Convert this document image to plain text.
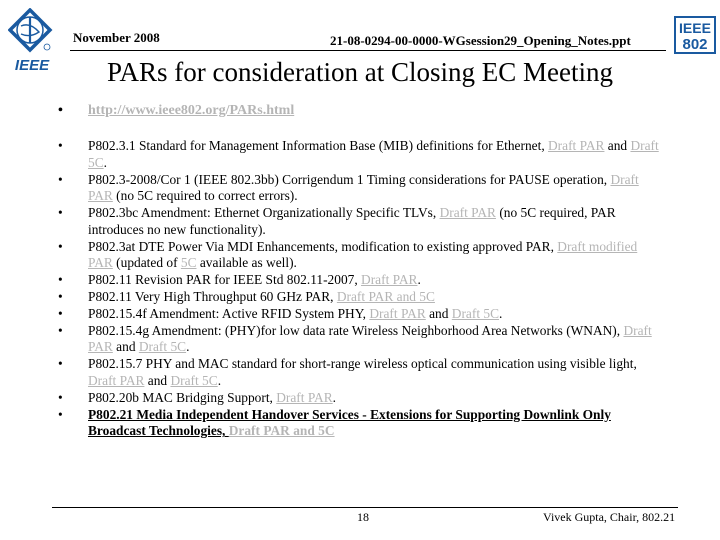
IEEE
IEEE
802
November 2008	21-08-0294-00-0000-WGsession29_Opening_Notes.ppt
PARs for consideration at Closing EC Meeting
•	http://www.ieee802.org/PARs.html
•	P802.3.1 Standard for Management Information Base (MIB) definitions for Ethernet, Draft PAR and Draft 5C.
•	P802.3-2008/Cor 1 (IEEE 802.3bb) Corrigendum 1 Timing considerations for PAUSE operation, Draft PAR (no 5C required to correct errors).
•	P802.3bc Amendment: Ethernet Organizationally Specific TLVs, Draft PAR (no 5C required, PAR introduces no new functionality).
•	P802.3at DTE Power Via MDI Enhancements, modification to existing approved PAR, Draft modified PAR (updated of 5C available as well).
•	P802.11 Revision PAR for IEEE Std 802.11-2007, Draft PAR.
•	P802.11 Very High Throughput 60 GHz PAR, Draft PAR and 5C
•	P802.15.4f Amendment: Active RFID System PHY, Draft PAR and Draft 5C.
•	P802.15.4g Amendment: (PHY)for low data rate Wireless Neighborhood Area Networks (WNAN), Draft PAR and Draft 5C.
•	P802.15.7 PHY and MAC standard for short-range wireless optical communication using visible light, Draft PAR and Draft 5C.
•	P802.20b MAC Bridging Support, Draft PAR.
•	P802.21 Media Independent Handover Services - Extensions for Supporting Downlink Only Broadcast Technologies, Draft PAR and 5C
18	Vivek Gupta, Chair, 802.21
